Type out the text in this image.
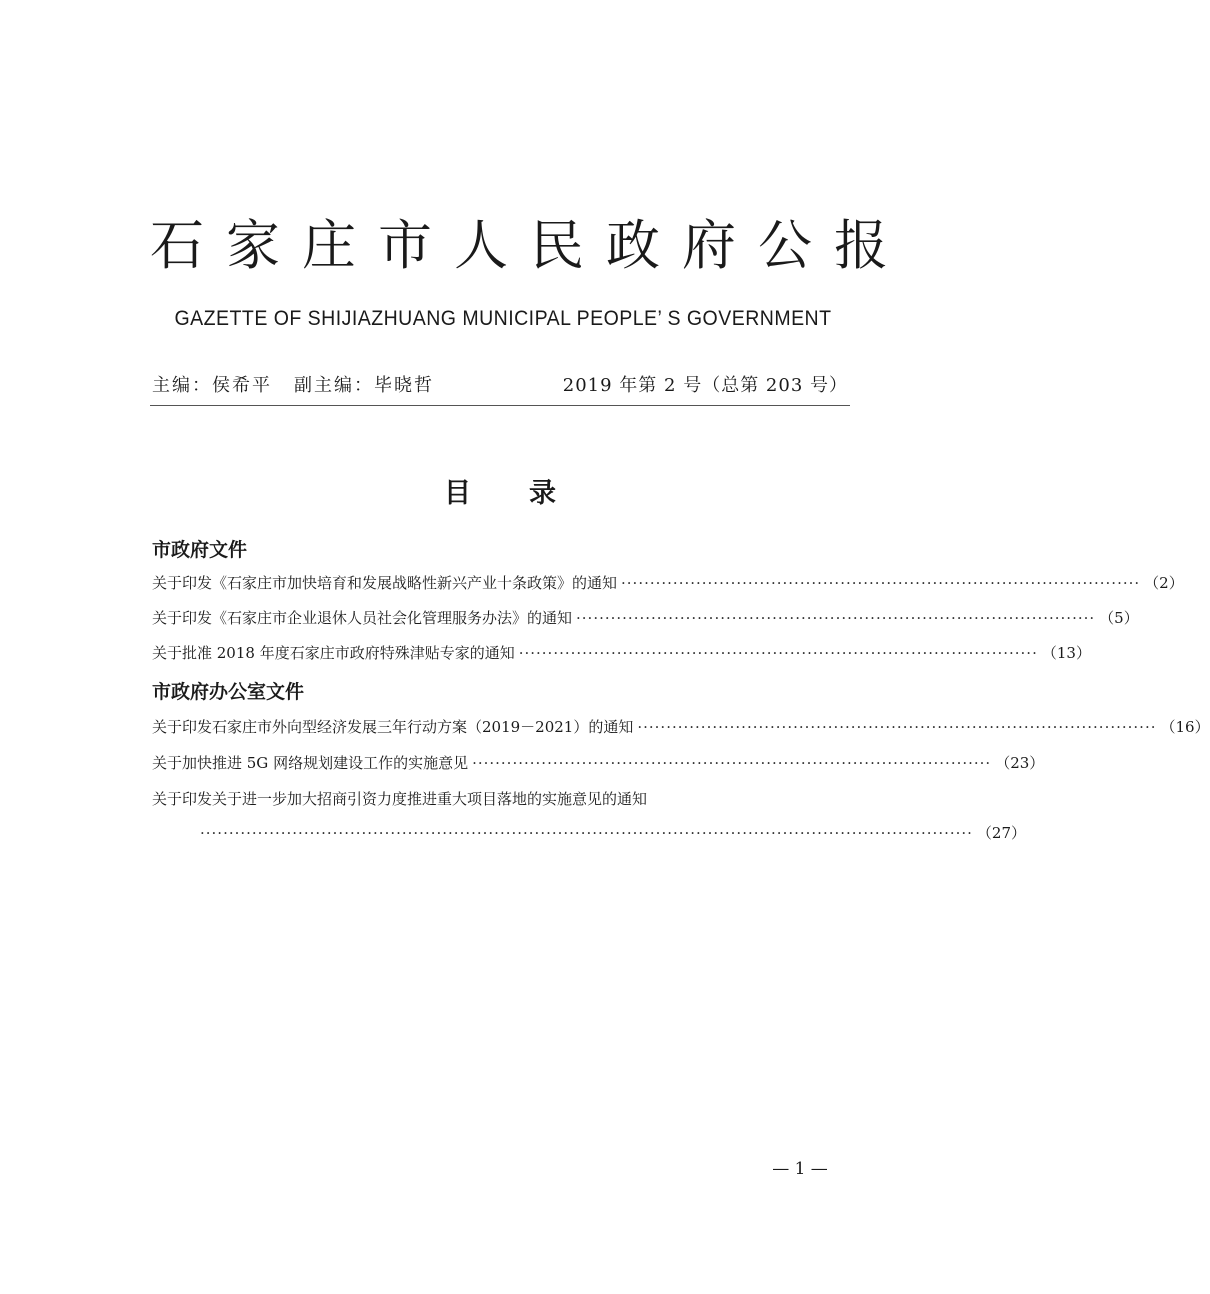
石家庄市人民政府公报
GAZETTE OF SHIJIAZHUANG MUNICIPAL PEOPLE’ S GOVERNMENT
主编：侯希平 副主编：毕晓哲	2019 年第 2 号（总第 203 号）
目 录
市政府文件
关于印发《石家庄市加快培育和发展战略性新兴产业十条政策》的通知 ·························································································· （2）
关于印发《石家庄市企业退休人员社会化管理服务办法》的通知 ·························································································· （5）
关于批准 2018 年度石家庄市政府特殊津贴专家的通知 ·························································································· （13）
市政府办公室文件
关于印发石家庄市外向型经济发展三年行动方案（2019－2021）的通知 ·························································································· （16）
关于加快推进 5G 网络规划建设工作的实施意见 ·························································································· （23）
关于印发关于进一步加大招商引资力度推进重大项目落地的实施意见的通知
······································································································································ （27）
— 1 —
